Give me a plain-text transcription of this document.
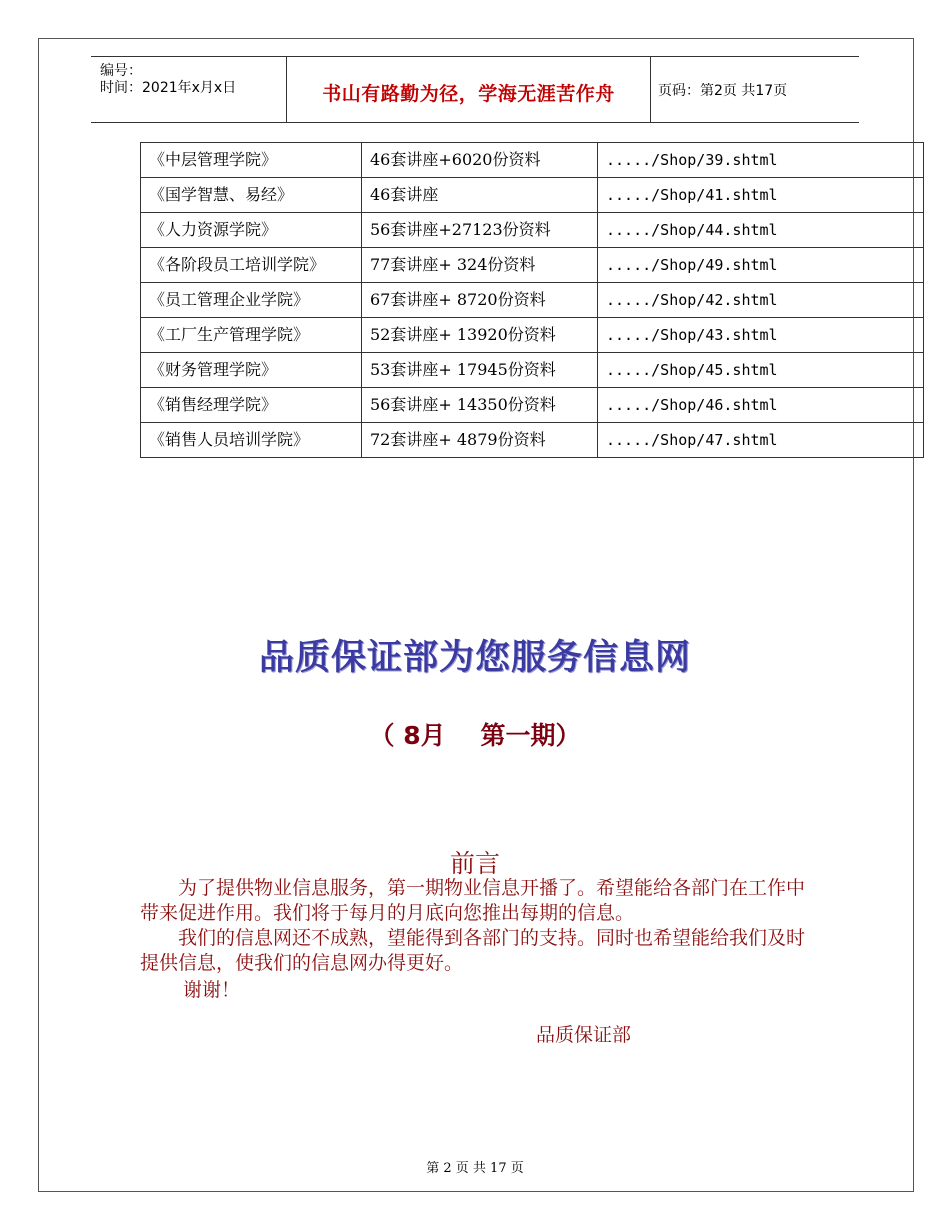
编号：
时间：2021年x月x日	书山有路勤为径，学海无涯苦作舟	页码：第2页 共17页
《中层管理学院》	46套讲座+6020份资料	...../Shop/39.shtml
《国学智慧、易经》	46套讲座	...../Shop/41.shtml
《人力资源学院》	56套讲座+27123份资料	...../Shop/44.shtml
《各阶段员工培训学院》	77套讲座+ 324份资料	...../Shop/49.shtml
《员工管理企业学院》	67套讲座+ 8720份资料	...../Shop/42.shtml
《工厂生产管理学院》	52套讲座+ 13920份资料	...../Shop/43.shtml
《财务管理学院》	53套讲座+ 17945份资料	...../Shop/45.shtml
《销售经理学院》	56套讲座+ 14350份资料	...../Shop/46.shtml
《销售人员培训学院》	72套讲座+ 4879份资料	...../Shop/47.shtml
品质保证部为您服务信息网
（ 8月    第一期）
前言

为了提供物业信息服务，第一期物业信息开播了。希望能给各部门在工作中带来促进作用。我们将于每月的月底向您推出每期的信息。

我们的信息网还不成熟，望能得到各部门的支持。同时也希望能给我们及时提供信息，使我们的信息网办得更好。

谢谢！
品质保证部
第 2 页 共 17 页
